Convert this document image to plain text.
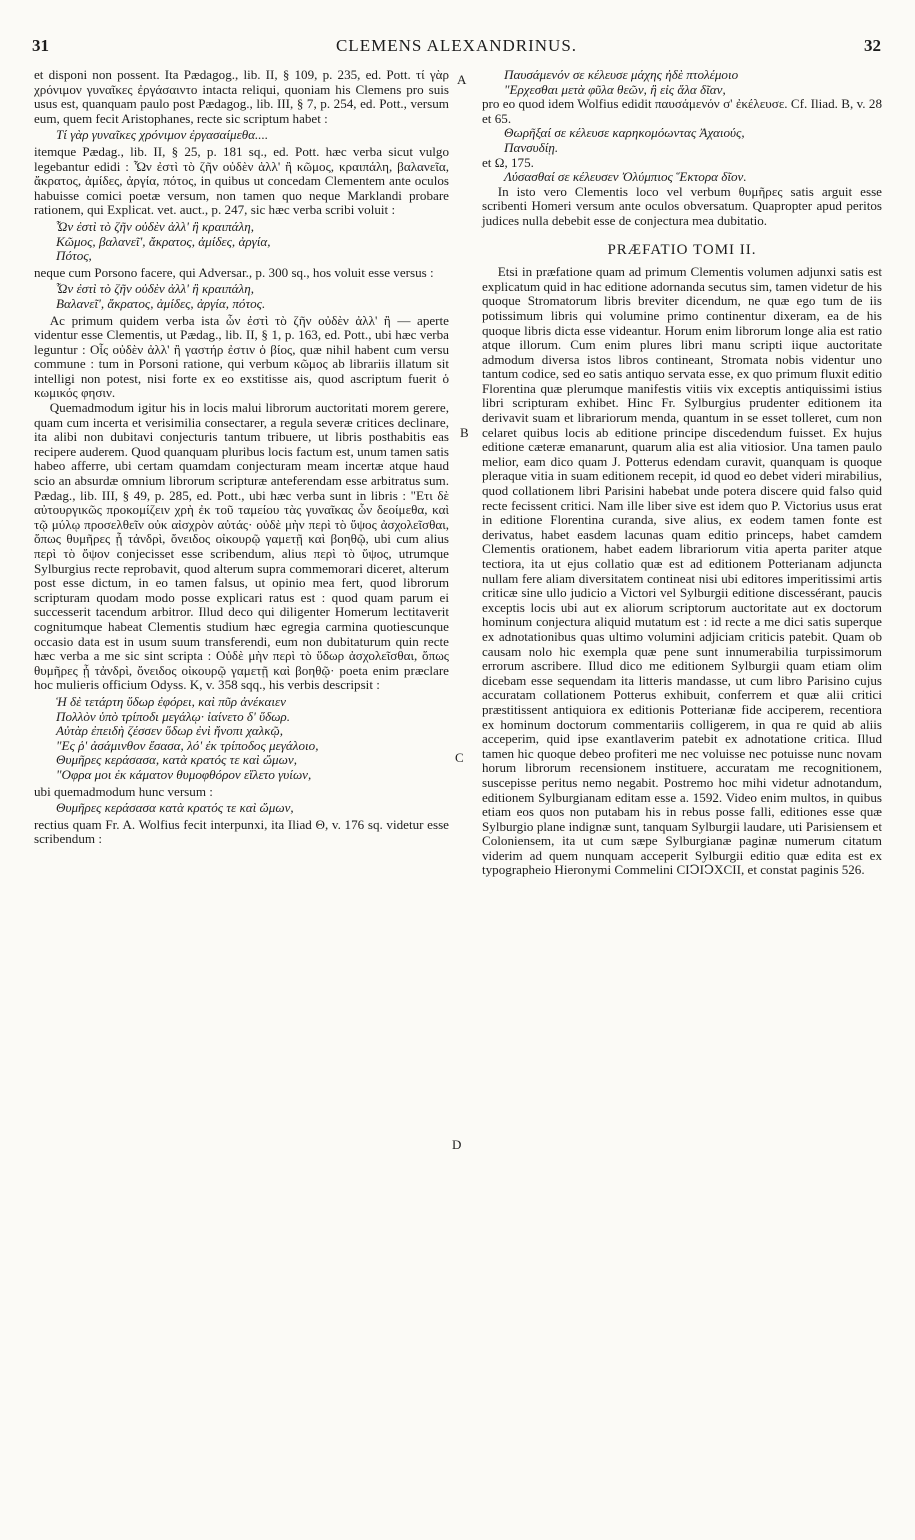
31	CLEMENS ALEXANDRINUS.	32
A
B
C
D

et disponi non possent. Ita Pædagog., lib. II, § 109, p. 235, ed. Pott. τί γὰρ χρόνιμον γυναῖκες ἐργάσαιντο intacta reliqui, quoniam his Clemens pro suis usus est, quanquam paulo post Pædagog., lib. III, § 7, p. 254, ed. Pott., versum eum, quem fecit Aristophanes, recte sic scriptum habet :

Τί γὰρ γυναῖκες χρόνιμον ἐργασαίμεθα....

itemque Pædag., lib. II, § 25, p. 181 sq., ed. Pott. hæc verba sicut vulgo legebantur edidi : Ὧν ἐστὶ τὸ ζῆν οὐδὲν ἀλλ' ἢ κῶμος, κραιπάλη, βαλανεῖα, ἄκρατος, ἀμίδες, ἀργία, πότος, in quibus ut concedam Clementem ante oculos habuisse comici poetæ versum, non tamen quo neque Marklandi probare rationem, qui Explicat. vet. auct., p. 247, sic hæc verba scribi voluit :

Ὧν ἐστὶ τὸ ζῆν οὐδὲν ἀλλ' ἢ κραιπάλη,
Κῶμος, βαλανεῖ', ἄκρατος, ἀμίδες, ἀργία,
Πότος,

neque cum Porsono facere, qui Adversar., p. 300 sq., hos voluit esse versus :

Ὧν ἐστὶ τὸ ζῆν οὐδὲν ἀλλ' ἢ κραιπάλη,
Βαλανεῖ', ἄκρατος, ἀμίδες, ἀργία, πότος.

Ac primum quidem verba ista ὧν ἐστὶ τὸ ζῆν οὐδὲν ἀλλ' ἢ — aperte videntur esse Clementis, ut Pædag., lib. II, § 1, p. 163, ed. Pott., ubi hæc verba leguntur : Οἷς οὐδὲν ἀλλ' ἢ γαστήρ ἐστιν ὁ βίος, quæ nihil habent cum versu commune : tum in Porsoni ratione, qui verbum κῶμος ab librariis illatum sit intelligi non potest, nisi forte ex eo exstitisse ais, quod ascriptum fuerit ὁ κωμικός φησιν.

Quemadmodum igitur his in locis malui librorum auctoritati morem gerere, quam cum incerta et verisimilia consectarer, a regula severæ critices declinare, ita alibi non dubitavi conjecturis tantum tribuere, ut libris posthabitis eas recipere auderem. Quod quanquam pluribus locis factum est, unum tamen satis habeo afferre, ubi certam quamdam conjecturam meam incertæ atque haud scio an absurdæ omnium librorum scripturæ anteferendam esse arbitratus sum. Pædag., lib. III, § 49, p. 285, ed. Pott., ubi hæc verba sunt in libris : "Ετι δὲ αὐτουργικῶς προκομίζειν χρὴ ἐκ τοῦ ταμείου τὰς γυναῖκας ὧν δεοίμεθα, καὶ τῷ μύλῳ προσελθεῖν οὐκ αἰσχρὸν αὐτάς· οὐδὲ μὴν περὶ τὸ ὕψος ἀσχολεῖσθαι, ὅπως θυμῆρες ᾖ τἀνδρὶ, ὄνειδος οἰκουρῷ γαμετῇ καὶ βοηθῷ, ubi cum alius περὶ τὸ ὄψον conjecisset esse scribendum, alius περὶ τὸ ὕψος, utrumque Sylburgius recte reprobavit, quod alterum supra commemorari diceret, alterum post esse dictum, in eo tamen falsus, ut opinio mea fert, quod librorum scripturam quodam modo posse explicari ratus est : quod quam parum ei successerit tacendum arbitror. Illud deco qui diligenter Homerum lectitaverit cognitumque habeat Clementis studium hæc egregia carmina quotiescunque occasio data est in usum suum transferendi, eum non dubitaturum quin recte hæc verba a me sic sint scripta : Οὐδὲ μὴν περὶ τὸ ὕδωρ ἀσχολεῖσθαι, ὅπως θυμῆρες ᾖ τἀνδρὶ, ὄνειδος οἰκουρῷ γαμετῇ καὶ βοηθῷ· poeta enim præclare hoc mulieris officium Odyss. K, v. 358 sqq., his verbis descripsit :

Ἡ δὲ τετάρτη ὕδωρ ἐφόρει, καὶ πῦρ ἀνέκαιεν
Πολλὸν ὑπὸ τρίποδι μεγάλῳ· ἰαίνετο δ' ὕδωρ.
Αὐτὰρ ἐπειδὴ ζέσσεν ὕδωρ ἐνὶ ἤνοπι χαλκῷ,
"Ες ῥ' ἀσάμινθον ἔσασα, λό' ἐκ τρίποδος μεγάλοιο,
Θυμῆρες κεράσασα, κατὰ κρατός τε καὶ ὤμων,
"Οφρα μοι ἐκ κάματον θυμοφθόρον εἵλετο γυίων,

ubi quemadmodum hunc versum :

Θυμῆρες κεράσασα κατὰ κρατός τε καὶ ὤμων,

rectius quam Fr. A. Wolfius fecit interpunxi, ita Iliad Θ, v. 176 sq. videtur esse scribendum :

Παυσάμενόν σε κέλευσε μάχης ἠδὲ πτολέμοιο
"Ερχεσθαι μετὰ φῦλα θεῶν, ἢ εἰς ἅλα δῖαν,

pro eo quod idem Wolfius edidit παυσάμενόν σ' ἐκέλευσε. Cf. Iliad. B, v. 28 et 65.

Θωρῆξαί σε κέλευσε καρηκομόωντας Ἀχαιούς,
Πανσυδίῃ.

et Ω, 175.

Λύσασθαί σε κέλευσεν Ὀλύμπιος Ἕκτορα δῖον.

In isto vero Clementis loco vel verbum θυμῆρες satis arguit esse scribenti Homeri versum ante oculos obversatum. Quapropter apud peritos judices nulla debebit esse de conjectura mea dubitatio.

PRÆFATIO TOMI II.

Etsi in præfatione quam ad primum Clementis volumen adjunxi satis est explicatum quid in hac editione adornanda secutus sim, tamen videtur de his quoque Stromatorum libris breviter dicendum, ne quæ ego tum de iis potissimum libris qui volumine primo continentur dixeram, ea de his quoque libris dicta esse videantur. Horum enim librorum longe alia est ratio atque illorum. Cum enim plures libri manu scripti iique auctoritate admodum diversa istos libros contineant, Stromata nobis videntur uno tantum codice, sed eo satis antiquo servata esse, ex quo primum fluxit editio Florentina quæ plerumque manifestis vitiis vix exceptis antiquissimi istius libri scripturam exhibet. Hinc Fr. Sylburgius prudenter editionem ita derivavit suam et librariorum menda, quantum in se esset tolleret, cum non celaret quibus locis ab editione principe discedendum fuisset. Ex hujus editione cæteræ emanarunt, quarum alia est alia vitiosior. Una tamen paulo melior, eam dico quam J. Potterus edendam curavit, quanquam is quoque pleraque vitia in suam editionem recepit, id quod eo debet videri mirabilius, quod collationem libri Parisini habebat unde potera discere quid falso quid recte fecissent critici. Nam ille liber sive est idem quo P. Victorius usus erat in editione Florentina curanda, sive alius, ex eodem tamen fonte est derivatus, habet easdem lacunas quam editio princeps, habet camdem Clementis orationem, habet eadem librariorum vitia aperta pariter atque tectiora, ita ut ejus collatio quæ est ad editionem Potterianam adjuncta nullam fere aliam diversitatem contineat nisi ubi editores imperitissimi artis criticæ sine ullo judicio a Victori vel Sylburgii editione discessérant, paucis exceptis locis ubi aut ex aliorum scriptorum auctoritate aut ex doctorum hominum conjectura aliquid mutatum est : id recte a me dici satis superque ex adnotationibus quas ultimo volumini adjiciam criticis patebit. Quam ob causam nolo hic exempla quæ pene sunt innumerabilia turpissimorum errorum ascribere. Illud dico me editionem Sylburgii quam etiam olim dicebam esse sequendam ita litteris mandasse, ut cum libro Parisino cujus accuratam collationem Potterus exhibuit, conferrem et quæ alii critici præstitissent antiquiora ex editionis Potterianæ fide acciperem, recentiora ex hominum doctorum commentariis colligerem, in qua re quid ab aliis acceperim, quid ipse exantlaverim patebit ex adnotatione critica. Illud tamen hic quoque debeo profiteri me nec voluisse nec potuisse nunc novam horum librorum recensionem instituere, accuratam me recognitionem, suscepisse peritus nemo negabit. Postremo hoc mihi videtur adnotandum, editionem Sylburgianam editam esse a. 1592. Video enim multos, in quibus etiam eos quos non putabam his in rebus posse falli, editiones esse quæ Sylburgio plane indignæ sunt, tanquam Sylburgii laudare, uti Parisiensem et Coloniensem, ita ut cum sæpe Sylburgianæ paginæ numerum citatum viderim ad quem nunquam acceperit Sylburgii editio quæ edita est ex typographeio Hieronymi Commelini CIↃIↃXCII, et constat paginis 526.
